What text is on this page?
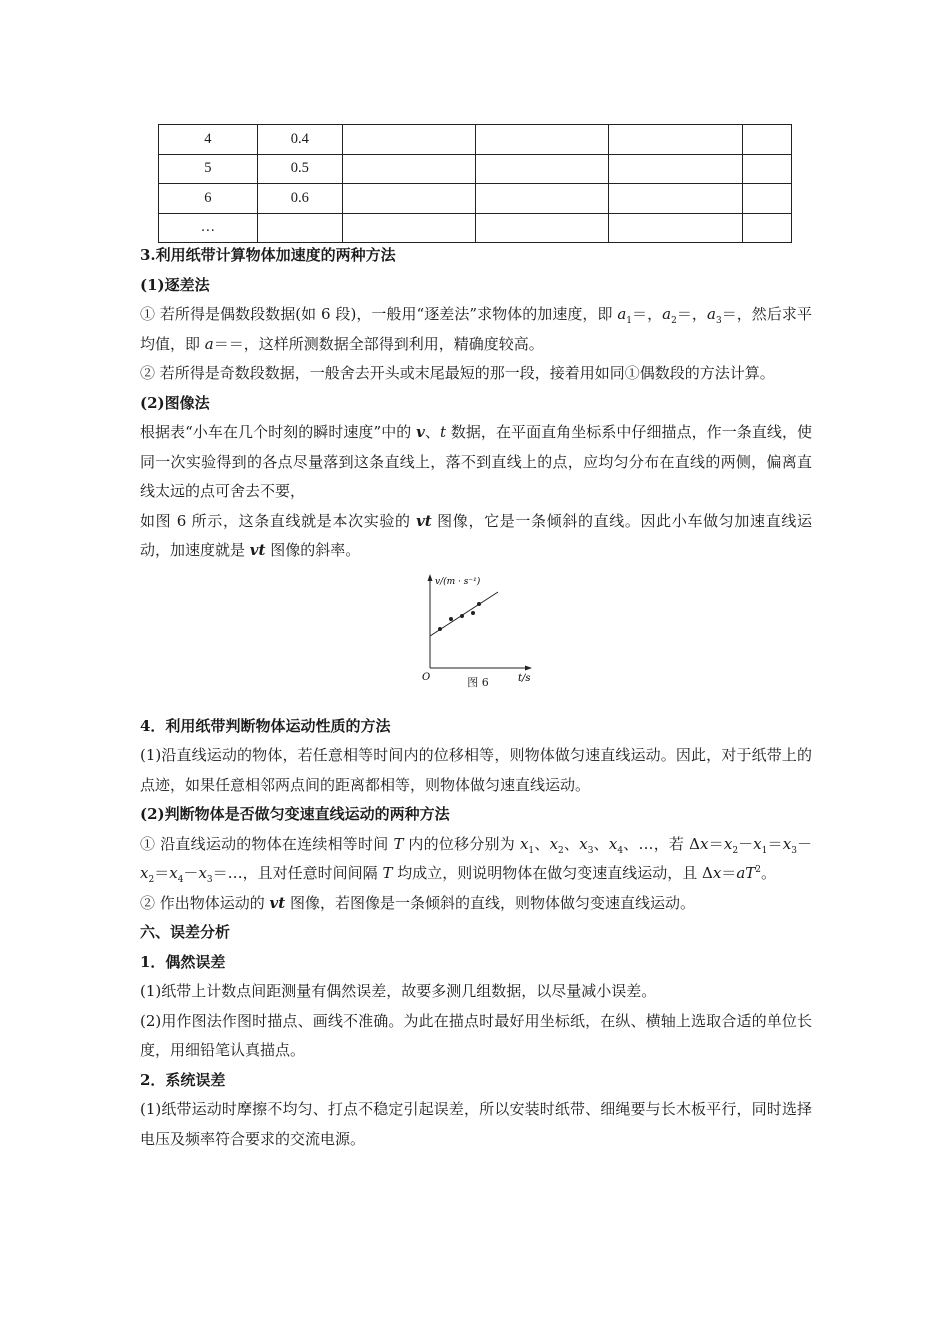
4	0.4				
5	0.5				
6	0.6				
…					

3.利用纸带计算物体加速度的两种方法

(1)逐差法

① 若所得是偶数段数据(如 6 段)，一般用“逐差法”求物体的加速度，即 $a_1=$，$a_2=$，$a_3=$，然后求平均值，即 a＝＝，这样所测数据全部得到利用，精确度较高。

② 若所得是奇数段数据，一般舍去开头或末尾最短的那一段，接着用如同①偶数段的方法计算。

(2)图像法

根据表“小车在几个时刻的瞬时速度”中的 v、t 数据，在平面直角坐标系中仔细描点，作一条直线，使同一次实验得到的各点尽量落到这条直线上，落不到直线上的点，应均匀分布在直线的两侧，偏离直线太远的点可舍去不要，

如图 6 所示，这条直线就是本次实验的 vt 图像，它是一条倾斜的直线。因此小车做匀加速直线运动，加速度就是 vt 图像的斜率。

v/(m · s⁻¹)
O	t/s
图 6

4．利用纸带判断物体运动性质的方法

(1)沿直线运动的物体，若任意相等时间内的位移相等，则物体做匀速直线运动。因此，对于纸带上的点迹，如果任意相邻两点间的距离都相等，则物体做匀速直线运动。

(2)判断物体是否做匀变速直线运动的两种方法

① 沿直线运动的物体在连续相等时间 T 内的位移分别为 $x_1$、$x_2$、$x_3$、$x_4$、…，若 $\Delta x=x_2-x_1=x_3-x_2=x_4-x_3=\dots$，且对任意时间间隔 T 均成立，则说明物体在做匀变速直线运动，且 $\Delta x=aT^2$。

② 作出物体运动的 vt 图像，若图像是一条倾斜的直线，则物体做匀变速直线运动。

六、误差分析

1．偶然误差

(1)纸带上计数点间距测量有偶然误差，故要多测几组数据，以尽量减小误差。

(2)用作图法作图时描点、画线不准确。为此在描点时最好用坐标纸，在纵、横轴上选取合适的单位长度，用细铅笔认真描点。

2．系统误差

(1)纸带运动时摩擦不均匀、打点不稳定引起误差，所以安装时纸带、细绳要与长木板平行，同时选择电压及频率符合要求的交流电源。
